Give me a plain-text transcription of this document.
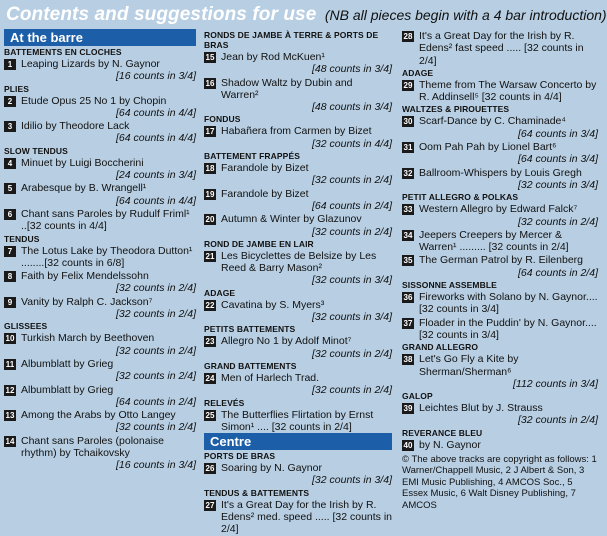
Contents and suggestions for use (NB all pieces begin with a 4 bar introduction)
At the barre
BATTEMENTS EN CLOCHES
1 Leaping Lizards by N. Gaynor
[16 counts in 3/4]
PLIES
2 Etude Opus 25 No 1 by Chopin
[64 counts in 4/4]
3 Idilio by Theodore Lack
[64 counts in 4/4]
SLOW TENDUS
4 Minuet by Luigi Boccherini
[24 counts in 3/4]
5 Arabesque by B. Wrangell¹
[64 counts in 4/4]
6 Chant sans Paroles by Rudulf Friml¹ ..[32 counts in 4/4]
TENDUS
7 The Lotus Lake by Theodora Dutton¹ ........[32 counts in 6/8]
8 Faith by Felix Mendelssohn
[32 counts in 2/4]
9 Vanity by Ralph C. Jackson⁷
[32 counts in 2/4]
GLISSEES
10 Turkish March by Beethoven
[32 counts in 2/4]
11 Albumblatt by Grieg
[32 counts in 2/4]
12 Albumblatt by Grieg
[64 counts in 2/4]
13 Among the Arabs by Otto Langey
[32 counts in 2/4]
14 Chant sans Paroles (polonaise rhythm) by Tchaikovsky
[16 counts in 3/4]
RONDS DE JAMBE À TERRE & PORTS DE BRAS
15 Jean by Rod McKuen¹
[48 counts in 3/4]
16 Shadow Waltz by Dubin and Warren²
[48 counts in 3/4]
FONDUS
17 Habañera from Carmen by Bizet
[32 counts in 4/4]
BATTEMENT FRAPPÉS
18 Farandole by Bizet
[32 counts in 2/4]
19 Farandole by Bizet
[64 counts in 2/4]
20 Autumn & Winter by Glazunov
[32 counts in 2/4]
ROND DE JAMBE EN LAIR
21 Les Bicyclettes de Belsize by Les Reed & Barry Mason²
[32 counts in 3/4]
ADAGE
22 Cavatina by S. Myers³
[32 counts in 3/4]
PETITS BATTEMENTS
23 Allegro No 1 by Adolf Minot⁷
[32 counts in 2/4]
GRAND BATTEMENTS
24 Men of Harlech Trad.
[32 counts in 2/4]
RELEVÉS
25 The Butterflies Flirtation by Ernst Simon¹ .... [32 counts in 2/4]
Centre
PORTS DE BRAS
26 Soaring by N. Gaynor
[32 counts in 3/4]
TENDUS & BATTEMENTS
27 It's a Great Day for the Irish by R. Edens² med. speed ..... [32 counts in 2/4]
28 It's a Great Day for the Irish by R. Edens² fast speed ..... [32 counts in 2/4]
ADAGE
29 Theme from The Warsaw Concerto by R. Addinsell⁵ [32 counts in 4/4]
WALTZES & PIROUETTES
30 Scarf-Dance by C. Chaminade⁴
[64 counts in 3/4]
31 Oom Pah Pah by Lionel Bart⁶
[64 counts in 3/4]
32 Ballroom-Whispers by Louis Gregh
[32 counts in 3/4]
PETIT ALLEGRO & POLKAS
33 Western Allegro by Edward Falck⁷
[32 counts in 2/4]
34 Jeepers Creepers by Mercer & Warren¹ ......... [32 counts in 2/4]
35 The German Patrol by R. Eilenberg
[64 counts in 2/4]
SISSONNE ASSEMBLE
36 Fireworks with Solano by N. Gaynor....[32 counts in 3/4]
37 Floader in the Puddin' by N. Gaynor....[32 counts in 3/4]
GRAND ALLEGRO
38 Let's Go Fly a Kite by Sherman/Sherman⁶
[112 counts in 3/4]
GALOP
39 Leichtes Blut by J. Strauss
[32 counts in 2/4]
REVERANCE BLEU
40 by N. Gaynor
© The above tracks are copyright as follows: 1 Warner/Chappell Music, 2 J Albert & Son, 3 EMI Music Publishing, 4 AMCOS Soc., 5 Essex Music, 6 Walt Disney Publishing, 7 AMCOS
